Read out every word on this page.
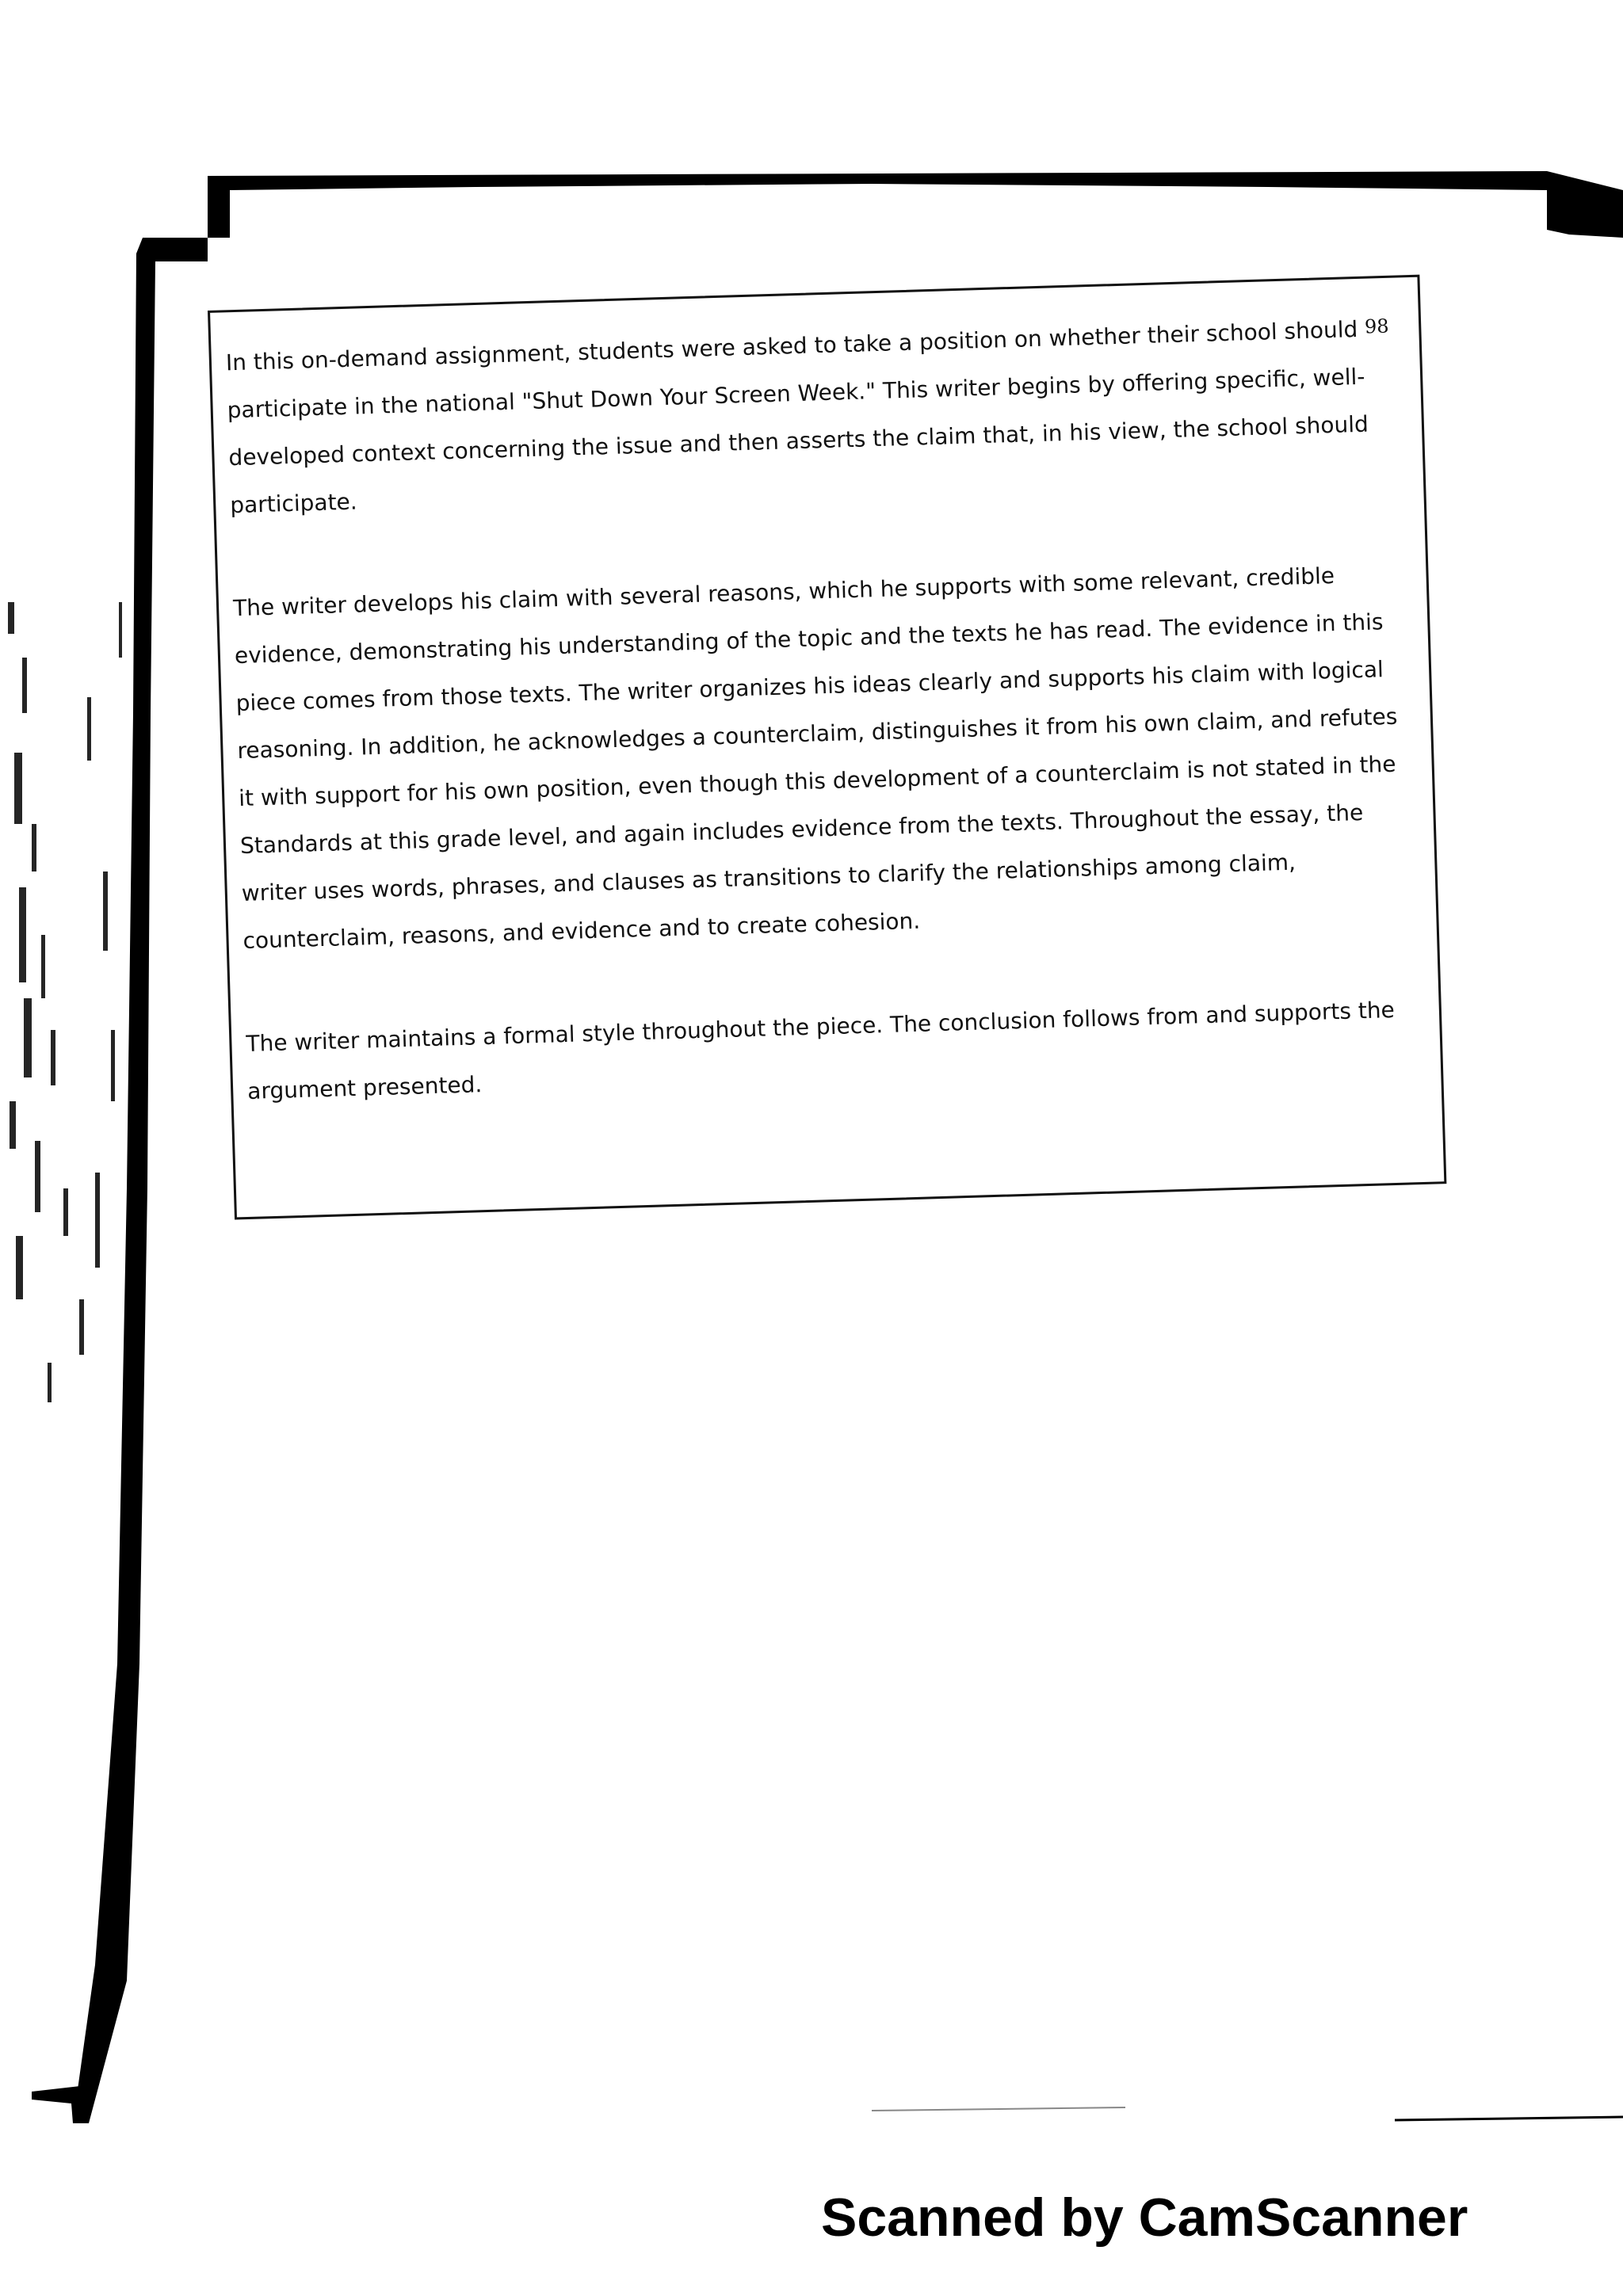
98

In this on-demand assignment, students were asked to take a position on whether their school should participate in the national "Shut Down Your Screen Week." This writer begins by offering specific, well-developed context concerning the issue and then asserts the claim that, in his view, the school should participate.

The writer develops his claim with several reasons, which he supports with some relevant, credible evidence, demonstrating his understanding of the topic and the texts he has read. The evidence in this piece comes from those texts. The writer organizes his ideas clearly and supports his claim with logical reasoning. In addition, he acknowledges a counterclaim, distinguishes it from his own claim, and refutes it with support for his own position, even though this development of a counterclaim is not stated in the Standards at this grade level, and again includes evidence from the texts. Throughout the essay, the writer uses words, phrases, and clauses as transitions to clarify the relationships among claim, counterclaim, reasons, and evidence and to create cohesion.

The writer maintains a formal style throughout the piece. The conclusion follows from and supports the argument presented.

Scanned by CamScanner
